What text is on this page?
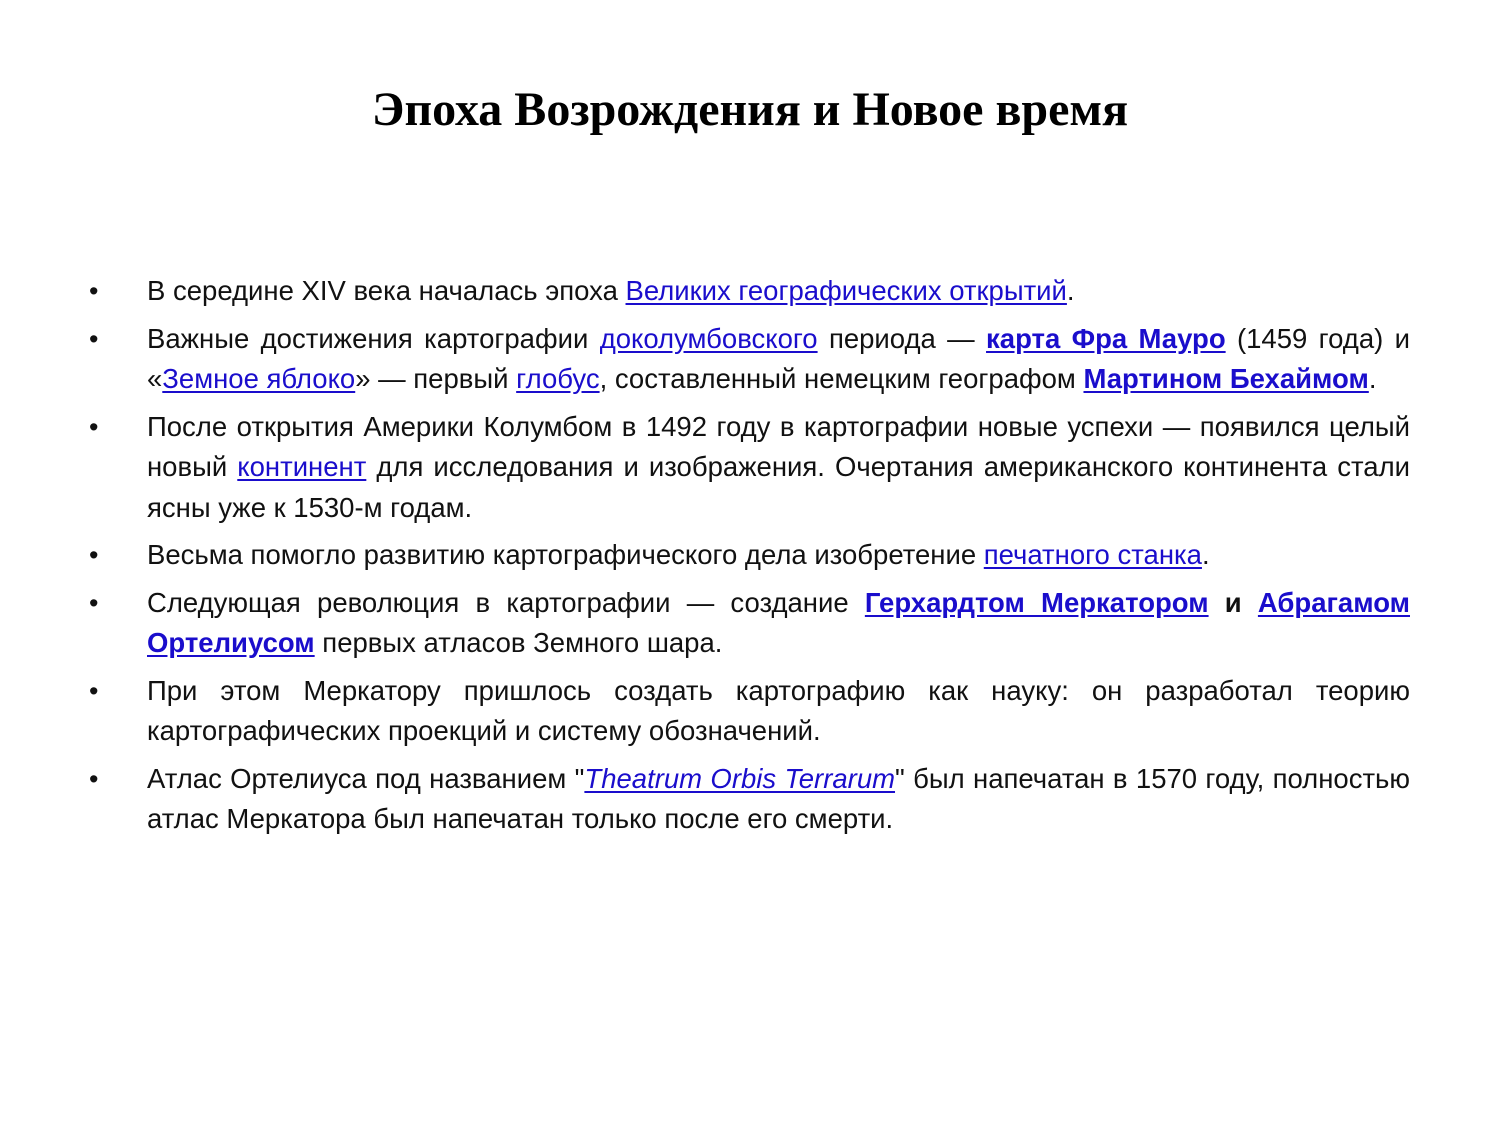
Эпоха Возрождения и Новое время
•	В середине XIV века началась эпоха Великих географических открытий.
•	Важные достижения картографии доколумбовского периода — карта Фра Мауро (1459 года) и «Земное яблоко» — первый глобус, составленный немецким географом Мартином Бехаймом.
•	После открытия Америки Колумбом в 1492 году в картографии новые успехи — появился целый новый континент для исследования и изображения. Очертания американского континента стали ясны уже к 1530-м годам.
•	Весьма помогло развитию картографического дела изобретение печатного станка.
•	Следующая революция в картографии — создание Герхардтом Меркатором и Абрагамом Ортелиусом первых атласов Земного шара.
•	При этом Меркатору пришлось создать картографию как науку: он разработал теорию картографических проекций и систему обозначений.
•	Атлас Ортелиуса под названием "Theatrum Orbis Terrarum" был напечатан в 1570 году, полностью атлас Меркатора был напечатан только после его смерти.
